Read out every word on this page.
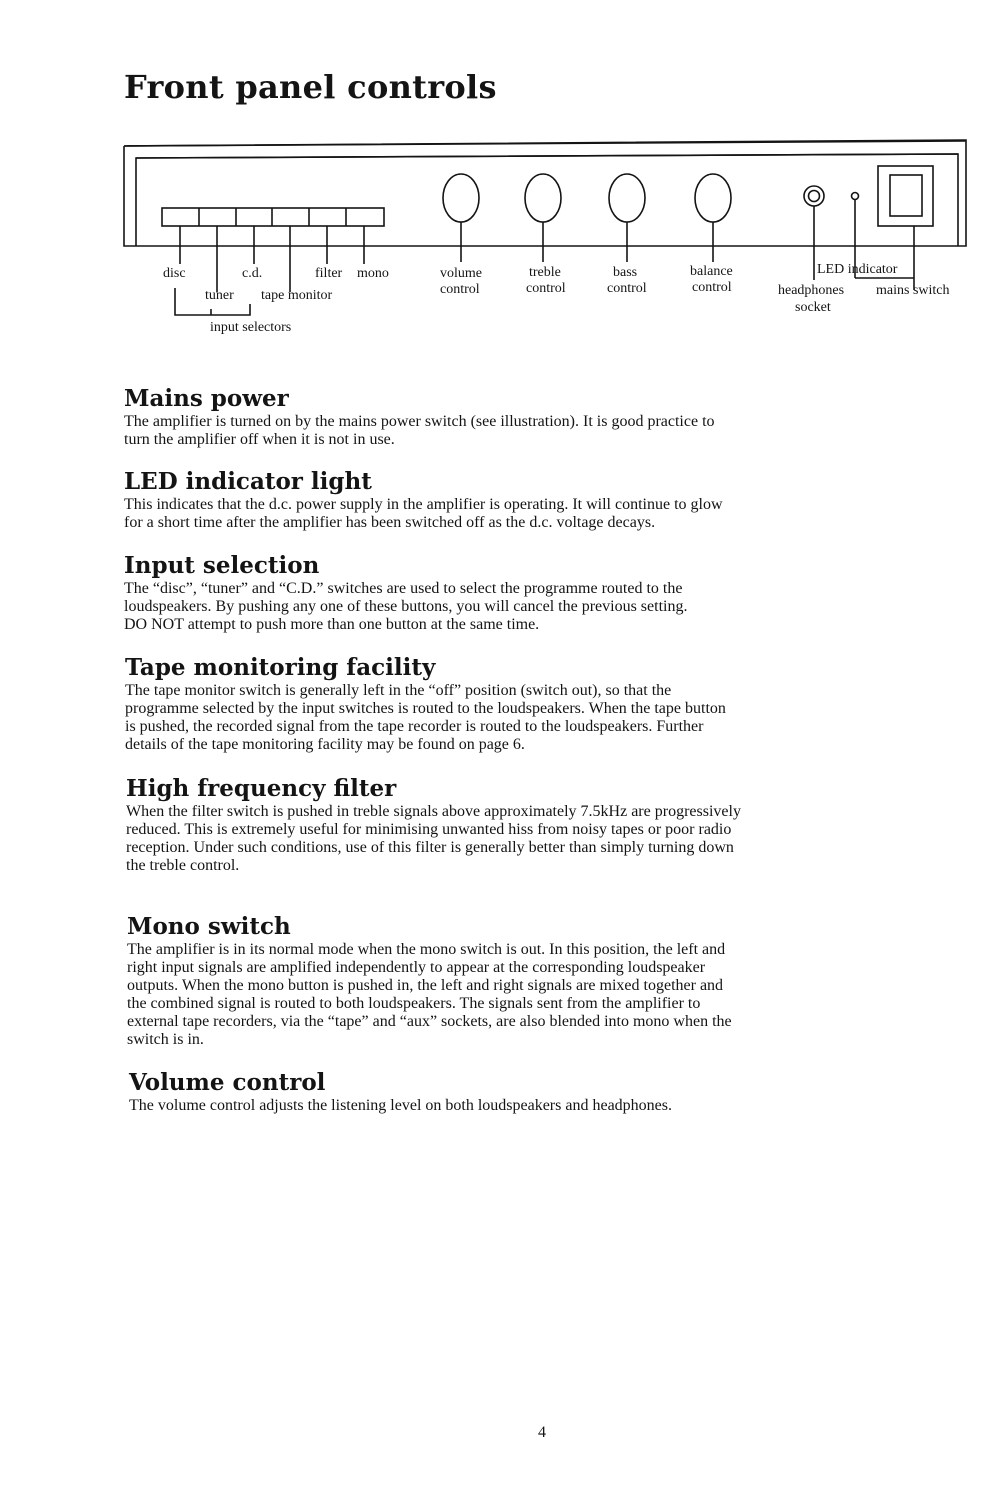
Front panel controls
disc	c.d.	filter mono
tuner tape monitor
input selectors
volume
control
treble
control
bass
control
balance
control
LED indicator
headphones
socket
mains switch
Mains power

The amplifier is turned on by the mains power switch (see illustration). It is good practice to
turn the amplifier off when it is not in use.

LED indicator light

This indicates that the d.c. power supply in the amplifier is operating. It will continue to glow
for a short time after the amplifier has been switched off as the d.c. voltage decays.

Input selection

The “disc”, “tuner” and “C.D.” switches are used to select the programme routed to the
loudspeakers. By pushing any one of these buttons, you will cancel the previous setting.
DO NOT attempt to push more than one button at the same time.

Tape monitoring facility

The tape monitor switch is generally left in the “off” position (switch out), so that the
programme selected by the input switches is routed to the loudspeakers. When the tape button
is pushed, the recorded signal from the tape recorder is routed to the loudspeakers. Further
details of the tape monitoring facility may be found on page 6.

High frequency filter

When the filter switch is pushed in treble signals above approximately 7.5kHz are progressively
reduced. This is extremely useful for minimising unwanted hiss from noisy tapes or poor radio
reception. Under such conditions, use of this filter is generally better than simply turning down
the treble control.

Mono switch

The amplifier is in its normal mode when the mono switch is out. In this position, the left and
right input signals are amplified independently to appear at the corresponding loudspeaker
outputs. When the mono button is pushed in, the left and right signals are mixed together and
the combined signal is routed to both loudspeakers. The signals sent from the amplifier to
external tape recorders, via the “tape” and “aux” sockets, are also blended into mono when the
switch is in.

Volume control

The volume control adjusts the listening level on both loudspeakers and headphones.

4
